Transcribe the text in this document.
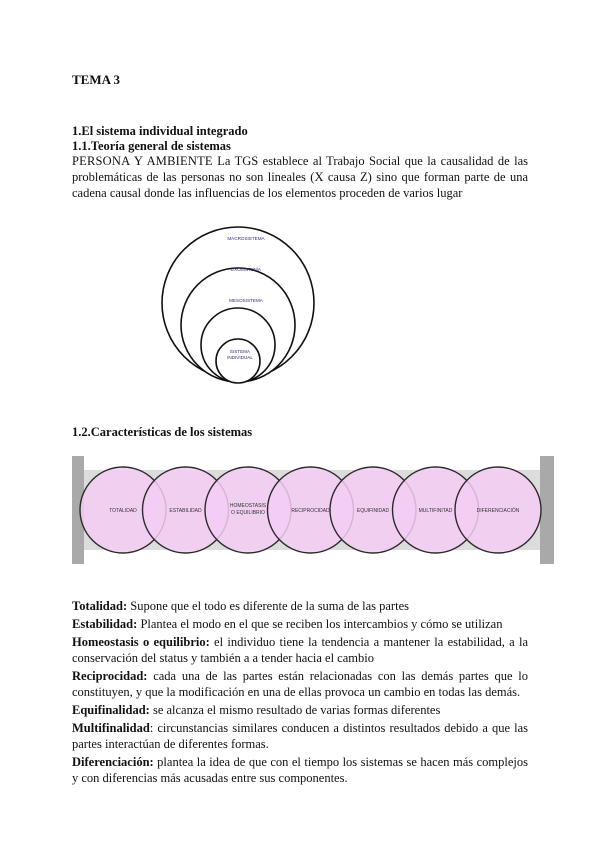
TEMA 3
1.El sistema individual integrado
1.1.Teoría general de sistemas
PERSONA Y AMBIENTE La TGS establece al Trabajo Social que la causalidad de las problemáticas de las personas no son lineales (X causa Z) sino que forman parte de una cadena causal donde las influencias de los elementos proceden de varios lugar
MACROSISTEMA
EXOSISTEMA
MESOSISTEMA
SISTEMA
INDIVIDUAL
1.2.Características de los sistemas
TOTALIDAD	ESTABILIDAD
HOMEOSTASIS O EQUILIBRIO	RECIPROCIDAD	EQUIFINIDAD	MULTIFINITAD	DIFERENCIACIÓN
Totalidad: Supone que el todo es diferente de la suma de las partes
Estabilidad: Plantea el modo en el que se reciben los intercambios y cómo se utilizan
Homeostasis o equilibrio: el individuo tiene la tendencia a mantener la estabilidad, a la conservación del status y también a a tender hacia el cambio
Reciprocidad: cada una de las partes están relacionadas con las demás partes que lo constituyen, y que la modificación en una de ellas provoca un cambio en todas las demás.
Equifinalidad: se alcanza el mismo resultado de varias formas diferentes
Multifinalidad: circunstancias similares conducen a distintos resultados debido a que las partes interactúan de diferentes formas.
Diferenciación: plantea la idea de que con el tiempo los sistemas se hacen más complejos y con diferencias más acusadas entre sus componentes.
